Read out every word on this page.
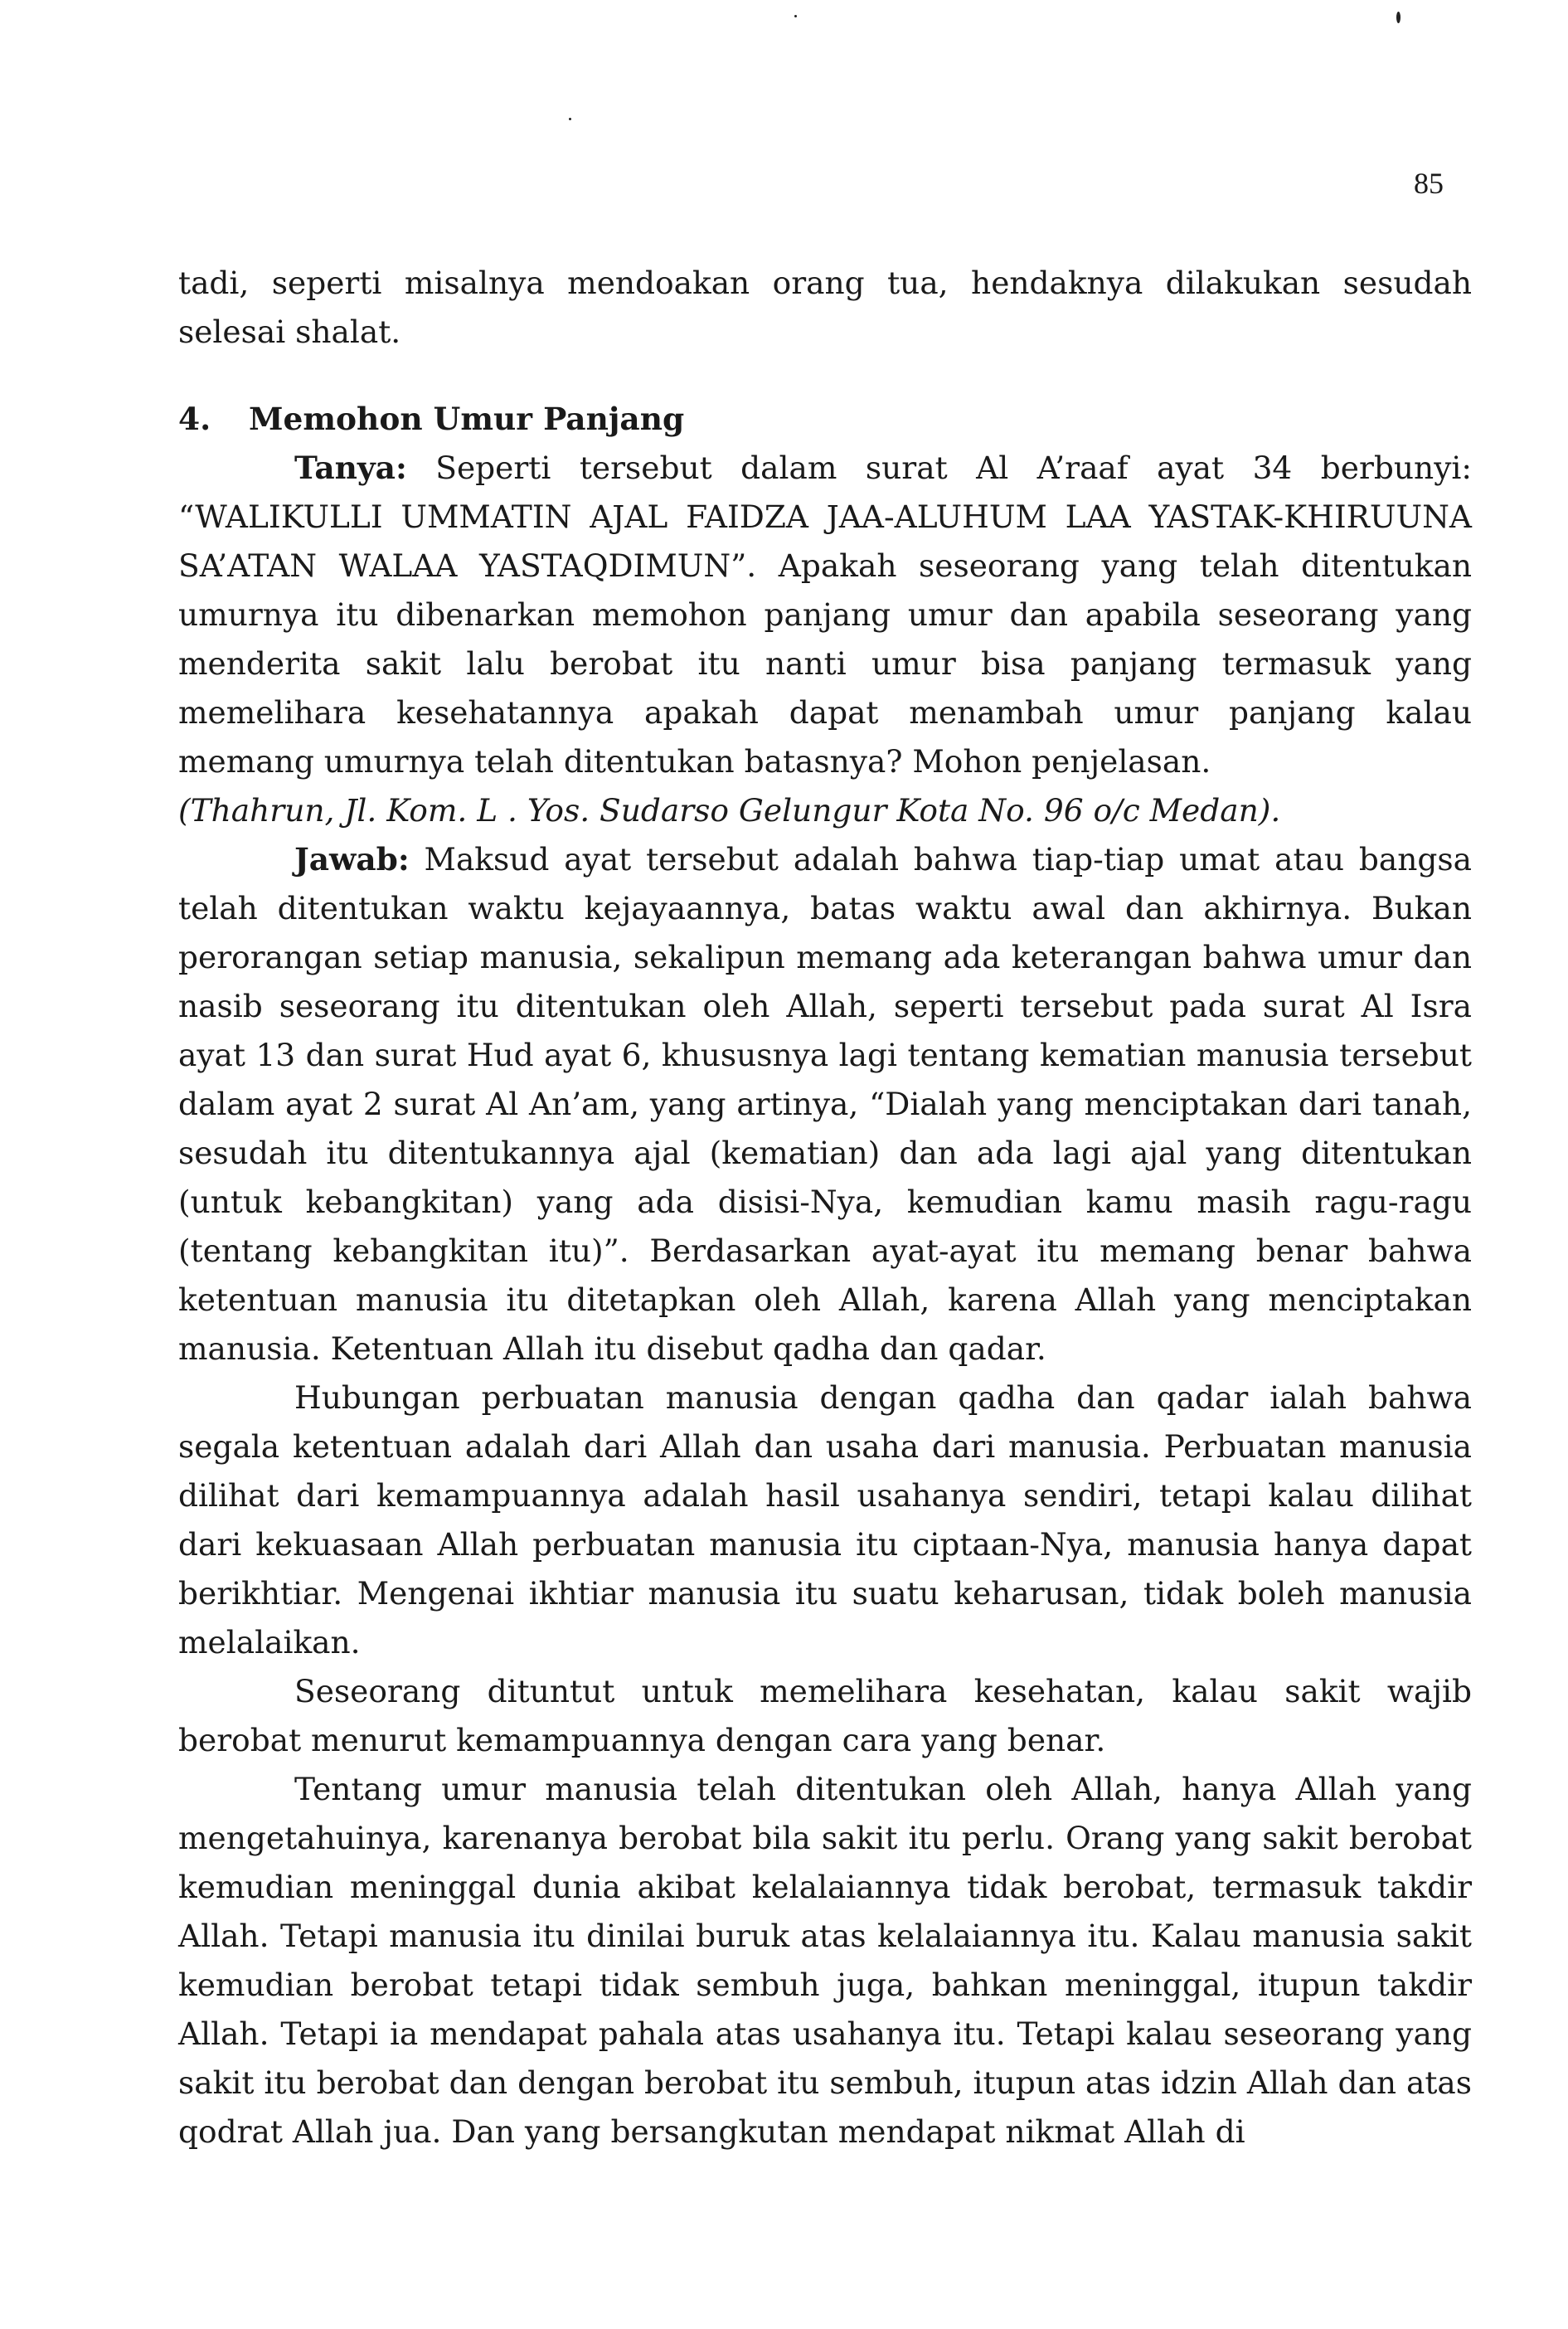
85

tadi, seperti misalnya mendoakan orang tua, hendaknya dilakukan sesudah selesai shalat.

4. Memohon Umur Panjang

Tanya: Seperti tersebut dalam surat Al A’raaf ayat 34 berbunyi: “WALIKULLI UMMATIN AJAL FAIDZA JAA-ALUHUM LAA YASTAK-KHIRUUNA SA’ATAN WALAA YASTAQDIMUN”. Apakah seseorang yang telah ditentukan umurnya itu dibenarkan memohon panjang umur dan apabila seseorang yang menderita sakit lalu berobat itu nanti umur bisa panjang termasuk yang memelihara kesehatannya apakah dapat menambah umur panjang kalau memang umurnya telah ditentukan batasnya? Mohon penjelasan.

(Thahrun, Jl. Kom. L . Yos. Sudarso Gelungur Kota No. 96 o/c Medan).

Jawab: Maksud ayat tersebut adalah bahwa tiap-tiap umat atau bangsa telah ditentukan waktu kejayaannya, batas waktu awal dan akhirnya. Bukan perorangan setiap manusia, sekalipun memang ada keterangan bahwa umur dan nasib seseorang itu ditentukan oleh Allah, seperti tersebut pada surat Al Isra ayat 13 dan surat Hud ayat 6, khususnya lagi tentang kematian manusia tersebut dalam ayat 2 surat Al An’am, yang artinya, “Dialah yang menciptakan dari tanah, sesudah itu ditentukannya ajal (kematian) dan ada lagi ajal yang ditentukan (untuk kebangkitan) yang ada disisi-Nya, kemudian kamu masih ragu-ragu (tentang kebangkitan itu)”. Berdasarkan ayat-ayat itu memang benar bahwa ketentuan manusia itu ditetapkan oleh Allah, karena Allah yang menciptakan manusia. Ketentuan Allah itu disebut qadha dan qadar.

Hubungan perbuatan manusia dengan qadha dan qadar ialah bahwa segala ketentuan adalah dari Allah dan usaha dari manusia. Perbuatan manusia dilihat dari kemampuannya adalah hasil usahanya sendiri, tetapi kalau dilihat dari kekuasaan Allah perbuatan manusia itu ciptaan-Nya, manusia hanya dapat berikhtiar. Mengenai ikhtiar manusia itu suatu keharusan, tidak boleh manusia melalaikan.

Seseorang dituntut untuk memelihara kesehatan, kalau sakit wajib berobat menurut kemampuannya dengan cara yang benar.

Tentang umur manusia telah ditentukan oleh Allah, hanya Allah yang mengetahuinya, karenanya berobat bila sakit itu perlu. Orang yang sakit berobat kemudian meninggal dunia akibat kelalaiannya tidak berobat, termasuk takdir Allah. Tetapi manusia itu dinilai buruk atas kelalaiannya itu. Kalau manusia sakit kemudian berobat tetapi tidak sembuh juga, bahkan meninggal, itupun takdir Allah. Tetapi ia mendapat pahala atas usahanya itu. Tetapi kalau seseorang yang sakit itu berobat dan dengan berobat itu sembuh, itupun atas idzin Allah dan atas qodrat Allah jua. Dan yang bersangkutan mendapat nikmat Allah di
